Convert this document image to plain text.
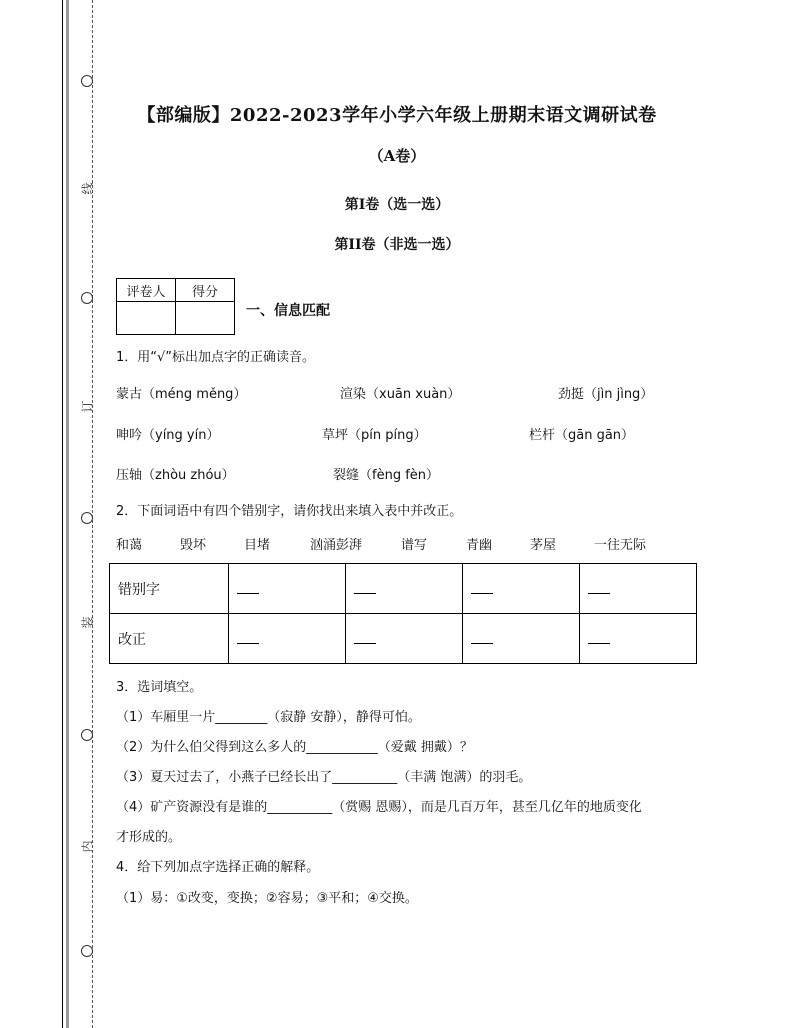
线
订
装
内
【部编版】2022-2023学年小学六年级上册期末语文调研试卷
（A卷）
第I卷（选一选）
第II卷（非选一选）
评卷人	得分

一、信息匹配
1．用“√”标出加点字的正确读音。
蒙古（méng měng）	渲染（xuān xuàn）	劲挺（jìn jìng）
呻吟（yíng yín）	草坪（pín píng）	栏杆（gān gān）
压轴（zhòu zhóu）	裂缝（fèng fèn）
2．下面词语中有四个错别字，请你找出来填入表中并改正。
和蔼	毁坏	目堵	汹涌彭湃	谱写	青幽	茅屋	一往无际
错别字				
改正				
3．选词填空。
（1）车厢里一片________（寂静 安静），静得可怕。
（2）为什么伯父得到这么多人的___________（爱戴 拥戴）？
（3）夏天过去了，小燕子已经长出了__________（丰满 饱满）的羽毛。
（4）矿产资源没有是谁的__________（赏赐 恩赐），而是几百万年，甚至几亿年的地质变化
才形成的。
4．给下列加点字选择正确的解释。
（1）易：①改变，变换；②容易；③平和；④交换。
